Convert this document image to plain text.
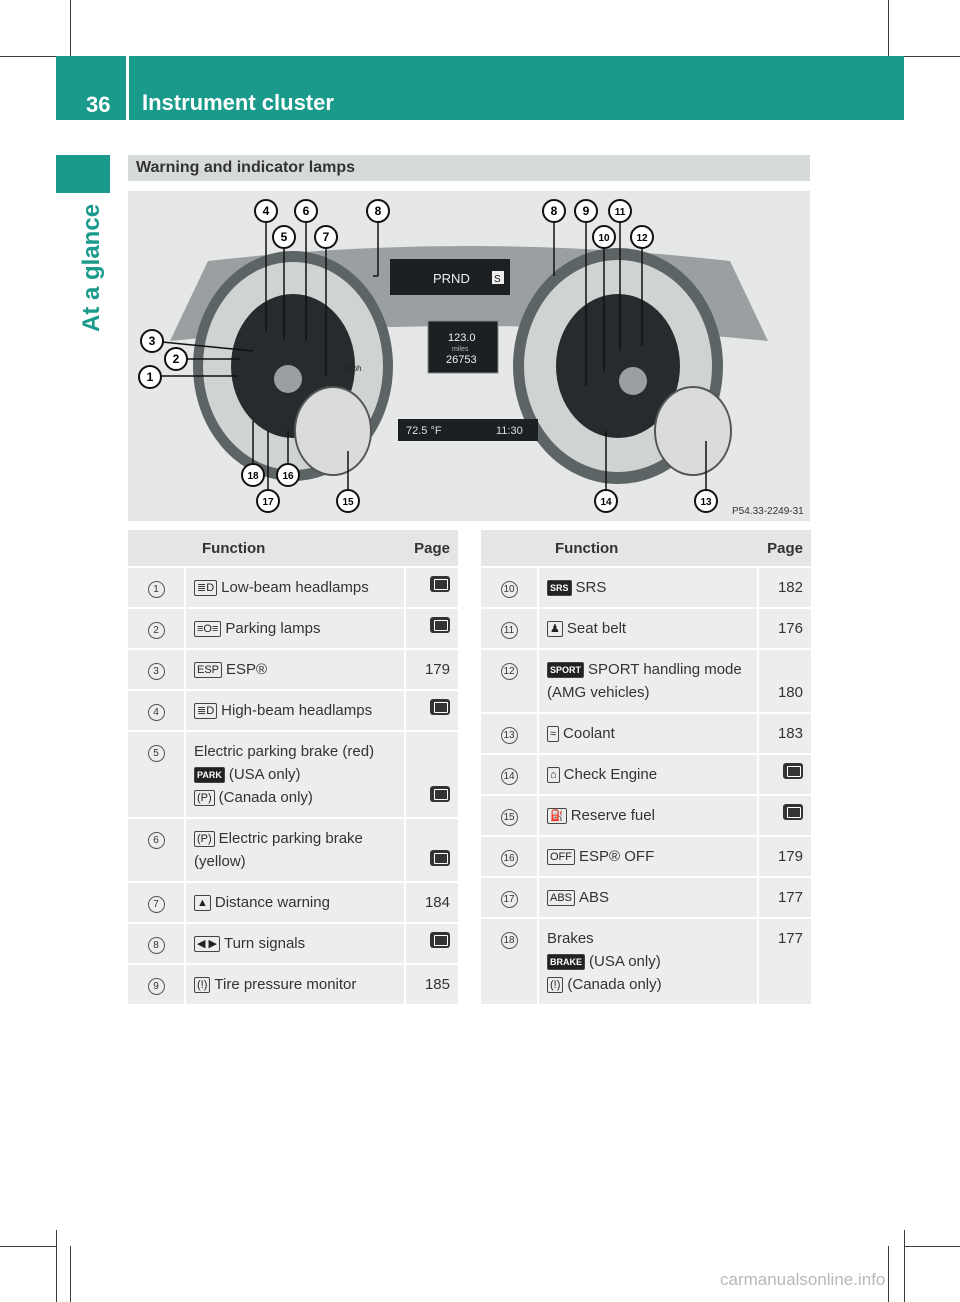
36 Instrument cluster
At a glance
Warning and indicator lamps
PRND S
123.0
miles
26753
72.5 °F	11:30
mph
4	6
5	7
8	8 9	11
10	12
3
2
1
18 16
17	15	14	13
P54.33-2249-31
	Function	Page
1	≣D Low-beam headlamps	
2	≡O≡ Parking lamps	
3	ESP ESP®	179
4	≣D High-beam headlamps	
5	Electric parking brake (red)
PARK (USA only)
(P) (Canada only)	

6	(P) Electric parking brake (yellow)	
7	▲ Distance warning	184
8	◀ ▶ Turn signals	
9	(!) Tire pressure monitor	185
	Function	Page
10	SRS SRS	182
11	♟ Seat belt	176
12	SPORT SPORT handling mode (AMG vehicles)	180
13	≈ Coolant	183
14	⌂ Check Engine	
15	⛽ Reserve fuel	
16	OFF ESP® OFF	179
17	ABS ABS	177
18	Brakes
BRAKE (USA only)
(!) (Canada only)	177
carmanualsonline.info
